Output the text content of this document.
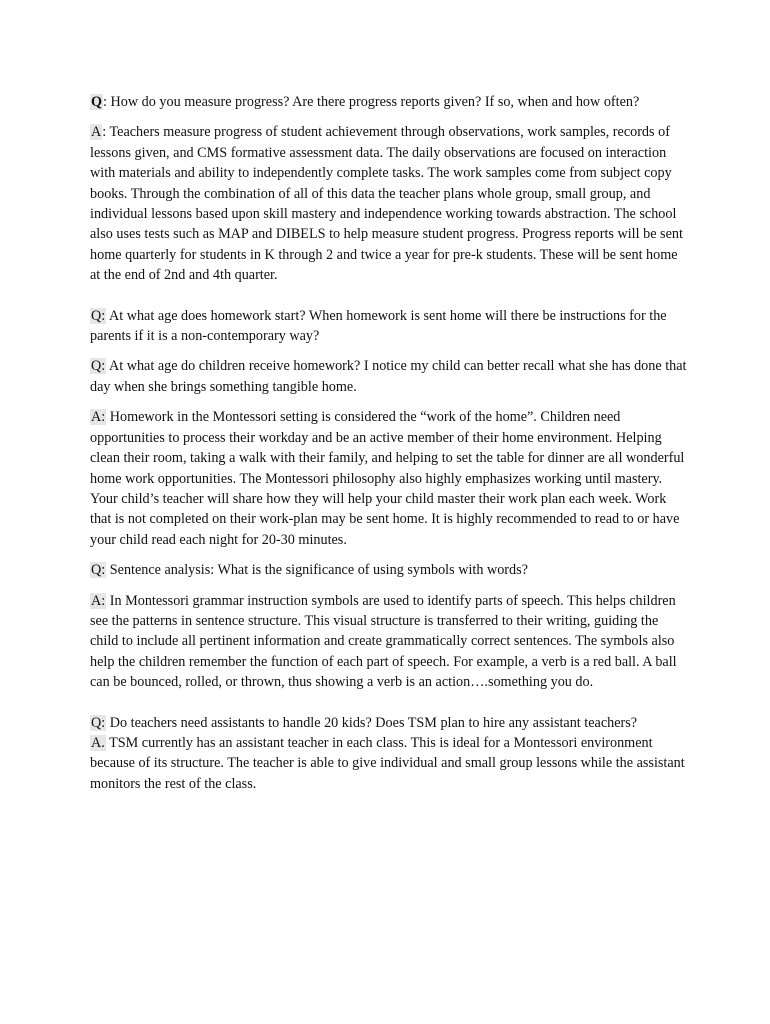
Q: How do you measure progress? Are there progress reports given? If so, when and how often?

A: Teachers measure progress of student achievement through observations, work samples, records of lessons given, and CMS formative assessment data. The daily observations are focused on interaction with materials and ability to independently complete tasks. The work samples come from subject copy books. Through the combination of all of this data the teacher plans whole group, small group, and individual lessons based upon skill mastery and independence working towards abstraction. The school also uses tests such as MAP and DIBELS to help measure student progress. Progress reports will be sent home quarterly for students in K through 2 and twice a year for pre-k students. These will be sent home at the end of 2nd and 4th quarter.

Q: At what age does homework start? When homework is sent home will there be instructions for the parents if it is a non-contemporary way?

Q: At what age do children receive homework? I notice my child can better recall what she has done that day when she brings something tangible home.

A: Homework in the Montessori setting is considered the “work of the home”. Children need opportunities to process their workday and be an active member of their home environment. Helping clean their room, taking a walk with their family, and helping to set the table for dinner are all wonderful home work opportunities. The Montessori philosophy also highly emphasizes working until mastery. Your child’s teacher will share how they will help your child master their work plan each week. Work that is not completed on their work-plan may be sent home. It is highly recommended to read to or have your child read each night for 20-30 minutes.

Q: Sentence analysis: What is the significance of using symbols with words?

A: In Montessori grammar instruction symbols are used to identify parts of speech. This helps children see the patterns in sentence structure. This visual structure is transferred to their writing, guiding the child to include all pertinent information and create grammatically correct sentences. The symbols also help the children remember the function of each part of speech. For example, a verb is a red ball. A ball can be bounced, rolled, or thrown, thus showing a verb is an action….something you do.

Q: Do teachers need assistants to handle 20 kids? Does TSM plan to hire any assistant teachers?

A. TSM currently has an assistant teacher in each class. This is ideal for a Montessori environment because of its structure. The teacher is able to give individual and small group lessons while the assistant monitors the rest of the class.
